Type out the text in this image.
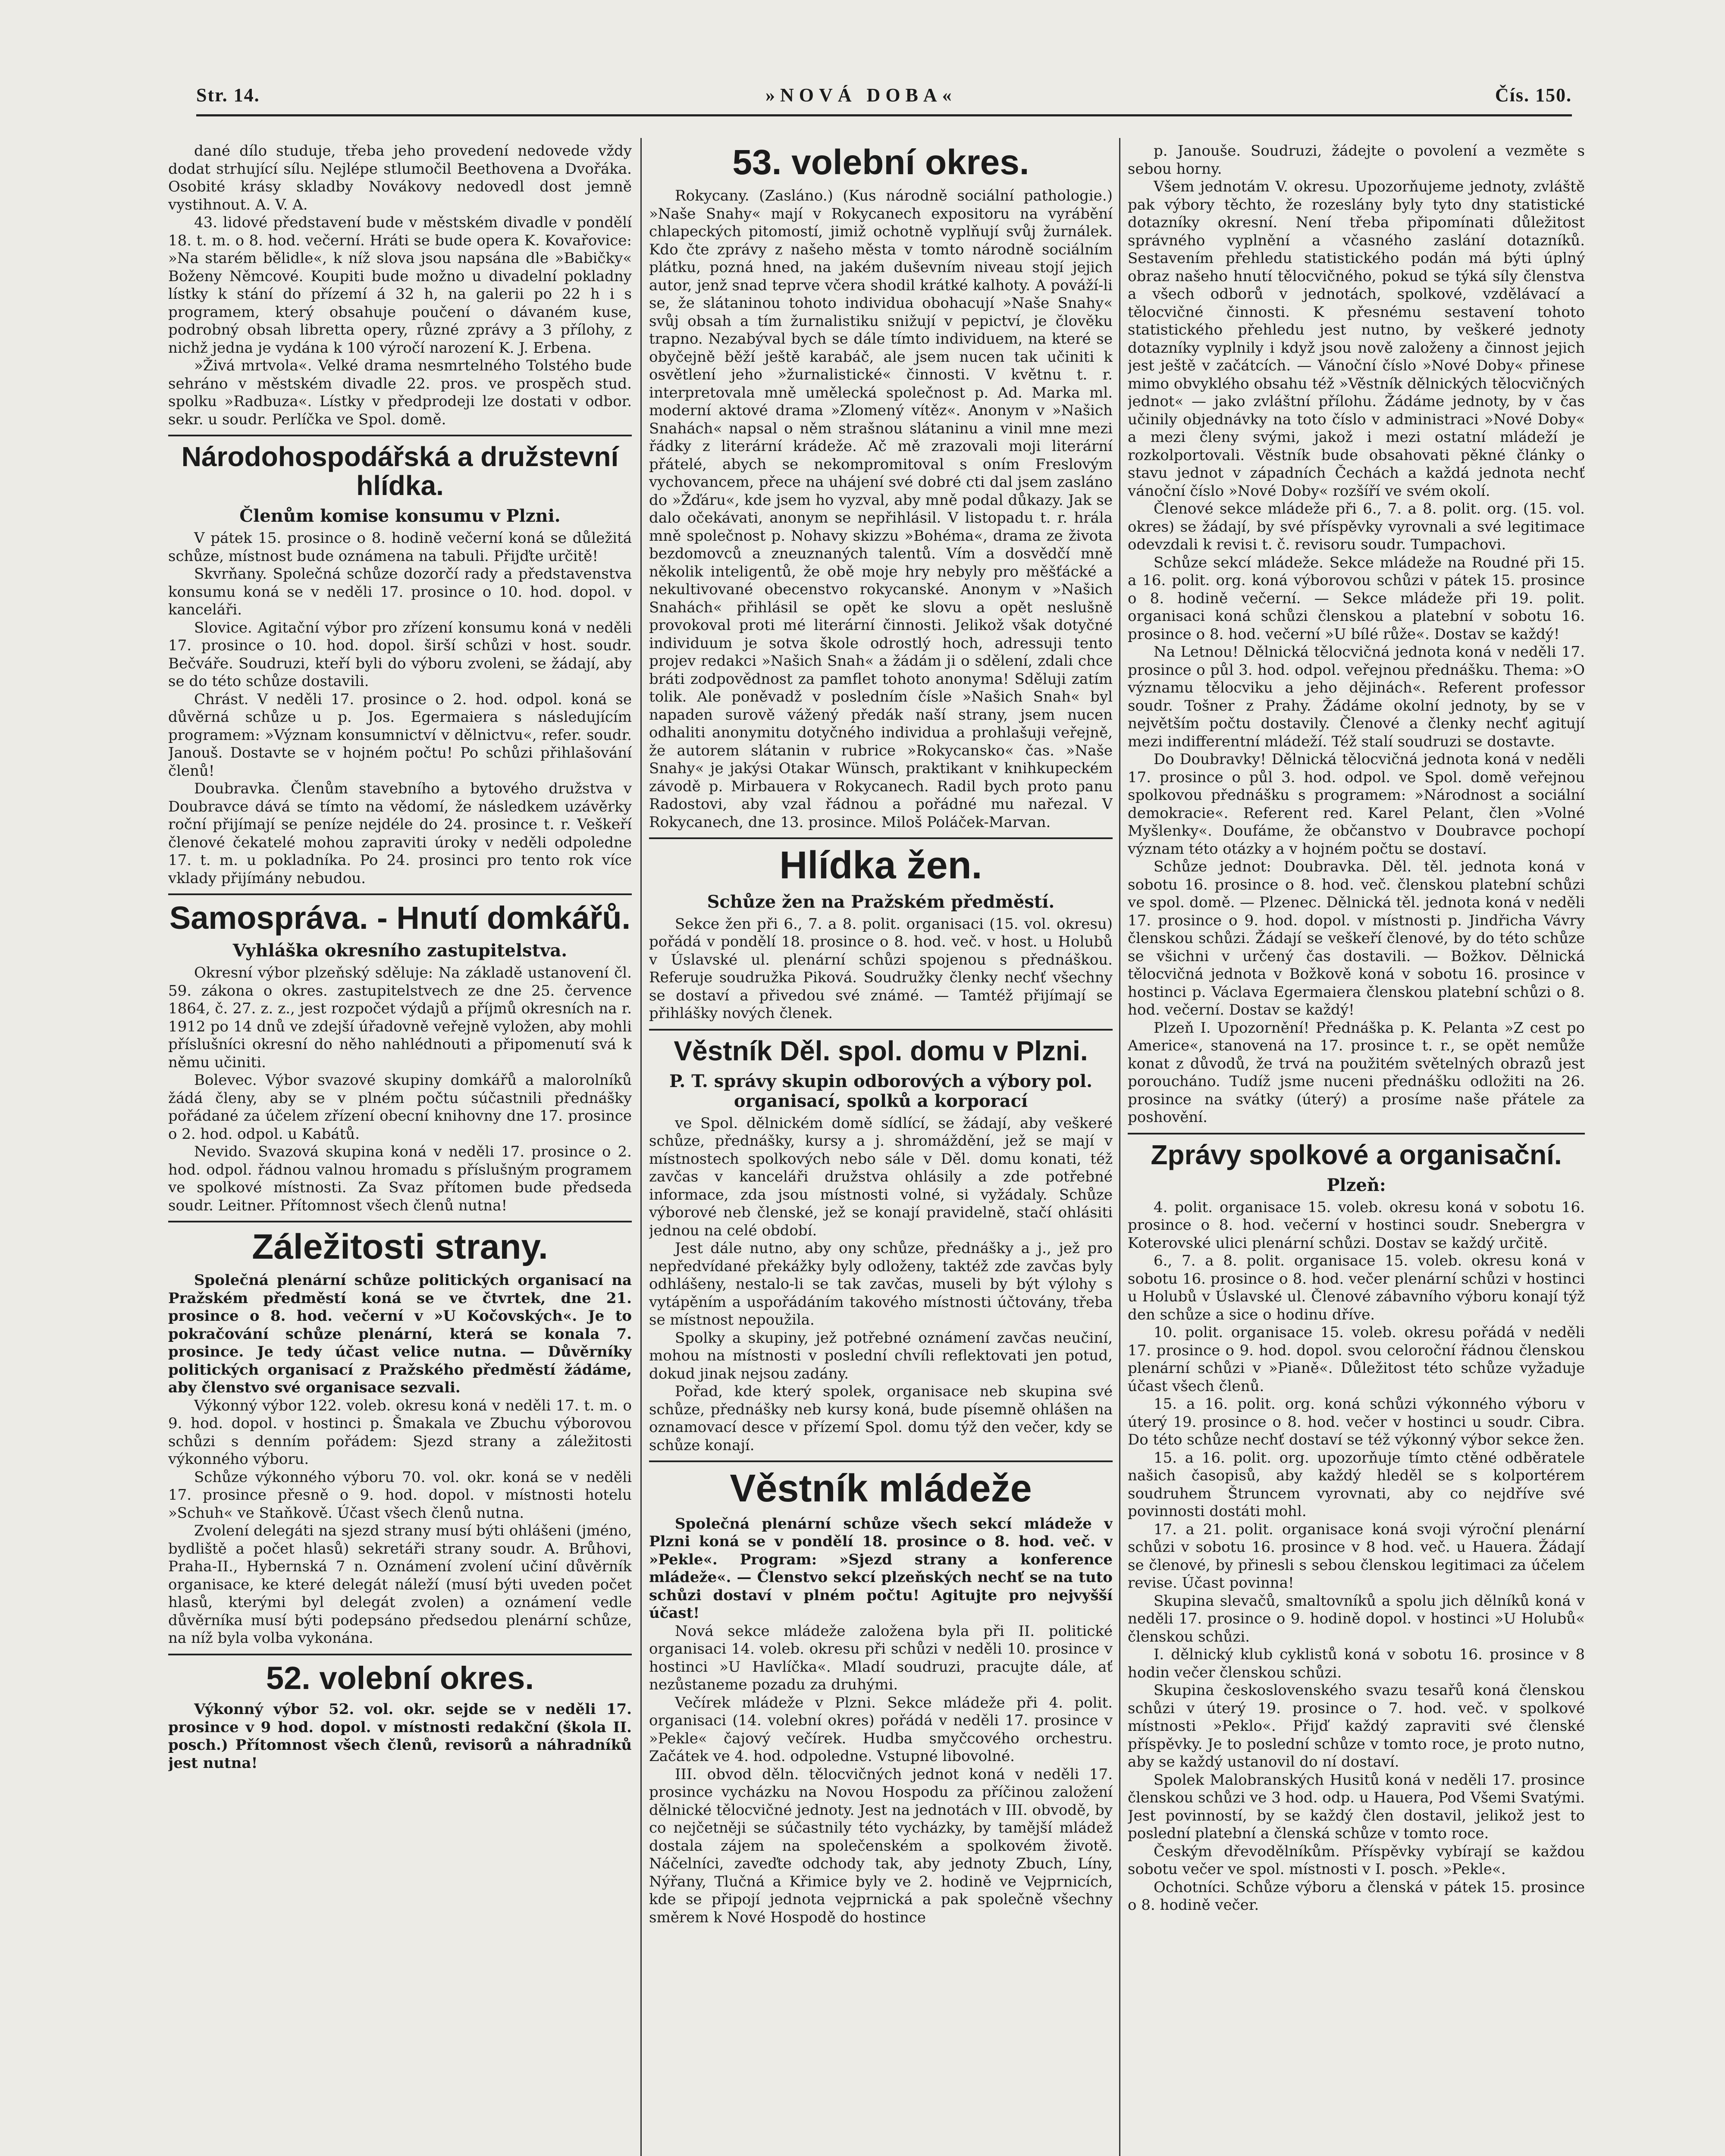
Str. 14.	»NOVÁ DOBA«	Čís. 150.

dané dílo studuje, třeba jeho provedení nedovede vždy dodat strhující sílu. Nejlépe stlumočil Beethovena a Dvořáka. Osobité krásy skladby Novákovy nedovedl dost jemně vystihnout. A. V. A.

43. lidové představení bude v městském divadle v pondělí 18. t. m. o 8. hod. večerní. Hráti se bude opera K. Kovařovice: »Na starém bělidle«, k níž slova jsou napsána dle »Babičky« Boženy Němcové. Koupiti bude možno u divadelní pokladny lístky k stání do přízemí á 32 h, na galerii po 22 h i s programem, který obsahuje poučení o dávaném kuse, podrobný obsah libretta opery, různé zprávy a 3 přílohy, z nichž jedna je vydána k 100 výročí narození K. J. Erbena.

»Živá mrtvola«. Velké drama nesmrtelného Tolstého bude sehráno v městském divadle 22. pros. ve prospěch stud. spolku »Radbuza«. Lístky v předprodeji lze dostati v odbor. sekr. u soudr. Perlíčka ve Spol. domě.

Národohospodářská a družstevní hlídka.

Členům komise konsumu v Plzni.

V pátek 15. prosince o 8. hodině večerní koná se důležitá schůze, místnost bude oznámena na tabuli. Přijďte určitě!

Skvrňany. Společná schůze dozorčí rady a představenstva konsumu koná se v neděli 17. prosince o 10. hod. dopol. v kanceláři.

Slovice. Agitační výbor pro zřízení konsumu koná v neděli 17. prosince o 10. hod. dopol. širší schůzi v host. soudr. Bečváře. Soudruzi, kteří byli do výboru zvoleni, se žádají, aby se do této schůze dostavili.

Chrást. V neděli 17. prosince o 2. hod. odpol. koná se důvěrná schůze u p. Jos. Egermaiera s následujícím programem: »Význam konsumnictví v dělnictvu«, refer. soudr. Janouš. Dostavte se v hojném počtu! Po schůzi přihlašování členů!

Doubravka. Členům stavebního a bytového družstva v Doubravce dává se tímto na vědomí, že následkem uzávěrky roční přijímají se peníze nejdéle do 24. prosince t. r. Veškeří členové čekatelé mohou zapraviti úroky v neděli odpoledne 17. t. m. u pokladníka. Po 24. prosinci pro tento rok více vklady přijímány nebudou.

Samospráva. - Hnutí domkářů.

Vyhláška okresního zastupitelstva.

Okresní výbor plzeňský sděluje: Na základě ustanovení čl. 59. zákona o okres. zastupitelstvech ze dne 25. července 1864, č. 27. z. z., jest rozpočet výdajů a příjmů okresních na r. 1912 po 14 dnů ve zdejší úřadovně veřejně vyložen, aby mohli příslušníci okresní do něho nahlédnouti a připomenutí svá k němu učiniti.

Bolevec. Výbor svazové skupiny domkářů a malorolníků žádá členy, aby se v plném počtu súčastnili přednášky pořádané za účelem zřízení obecní knihovny dne 17. prosince o 2. hod. odpol. u Kabátů.

Nevido. Svazová skupina koná v neděli 17. prosince o 2. hod. odpol. řádnou valnou hromadu s příslušným programem ve spolkové místnosti. Za Svaz přítomen bude předseda soudr. Leitner. Přítomnost všech členů nutna!

Záležitosti strany.

Společná plenární schůze politických organisací na Pražském předměstí koná se ve čtvrtek, dne 21. prosince o 8. hod. večerní v »U Kočovských«. Je to pokračování schůze plenární, která se konala 7. prosince. Je tedy účast velice nutna. — Důvěrníky politických organisací z Pražského předměstí žádáme, aby členstvo své organisace sezvali.

Výkonný výbor 122. voleb. okresu koná v neděli 17. t. m. o 9. hod. dopol. v hostinci p. Šmakala ve Zbuchu výborovou schůzi s denním pořádem: Sjezd strany a záležitosti výkonného výboru.

Schůze výkonného výboru 70. vol. okr. koná se v neděli 17. prosince přesně o 9. hod. dopol. v místnosti hotelu »Schuh« ve Staňkově. Účast všech členů nutna.

Zvolení delegáti na sjezd strany musí býti ohlášeni (jméno, bydliště a počet hlasů) sekretáři strany soudr. A. Brůhovi, Praha-II., Hybernská 7 n. Oznámení zvolení učiní důvěrník organisace, ke které delegát náleží (musí býti uveden počet hlasů, kterými byl delegát zvolen) a oznámení vedle důvěrníka musí býti podepsáno předsedou plenární schůze, na níž byla volba vykonána.

52. volební okres.

Výkonný výbor 52. vol. okr. sejde se v neděli 17. prosince v 9 hod. dopol. v místnosti redakční (škola II. posch.) Přítomnost všech členů, revisorů a náhradníků jest nutna!

53. volební okres.

Rokycany. (Zasláno.) (Kus národně sociální pathologie.) »Naše Snahy« mají v Rokycanech expositoru na vyrábění chlapeckých pitomostí, jimiž ochotně vyplňují svůj žurnálek. Kdo čte zprávy z našeho města v tomto národně sociálním plátku, pozná hned, na jakém duševním niveau stojí jejich autor, jenž snad teprve včera shodil krátké kalhoty. A pováží-li se, že slátaninou tohoto individua obohacují »Naše Snahy« svůj obsah a tím žurnalistiku snižují v pepictví, je člověku trapno. Nezabýval bych se dále tímto individuem, na které se obyčejně běží ještě karabáč, ale jsem nucen tak učiniti k osvětlení jeho »žurnalistické« činnosti. V květnu t. r. interpretovala mně umělecká společnost p. Ad. Marka ml. moderní aktové drama »Zlomený vítěz«. Anonym v »Našich Snahách« napsal o něm strašnou slátaninu a vinil mne mezi řádky z literární krádeže. Ač mě zrazovali moji literární přátelé, abych se nekompromitoval s oním Freslovým vychovancem, přece na uhájení své dobré cti dal jsem zasláno do »Žďáru«, kde jsem ho vyzval, aby mně podal důkazy. Jak se dalo očekávati, anonym se nepřihlásil. V listopadu t. r. hrála mně společnost p. Nohavy skizzu »Bohéma«, drama ze života bezdomovců a zneuznaných talentů. Vím a dosvědčí mně několik inteligentů, že obě moje hry nebyly pro měšťácké a nekultivované obecenstvo rokycanské. Anonym v »Našich Snahách« přihlásil se opět ke slovu a opět neslušně provokoval proti mé literární činnosti. Jelikož však dotyčné individuum je sotva škole odrostlý hoch, adressuji tento projev redakci »Našich Snah« a žádám ji o sdělení, zdali chce bráti zodpovědnost za pamflet tohoto anonyma! Sděluji zatím tolik. Ale poněvadž v posledním čísle »Našich Snah« byl napaden surově vážený předák naší strany, jsem nucen odhaliti anonymitu dotyčného individua a prohlašuji veřejně, že autorem slátanin v rubrice »Rokycansko« čas. »Naše Snahy« je jakýsi Otakar Wünsch, praktikant v knihkupeckém závodě p. Mirbauera v Rokycanech. Radil bych proto panu Radostovi, aby vzal řádnou a pořádné mu nařezal. V Rokycanech, dne 13. prosince. Miloš Poláček-Marvan.

Hlídka žen.

Schůze žen na Pražském předměstí.

Sekce žen při 6., 7. a 8. polit. organisaci (15. vol. okresu) pořádá v pondělí 18. prosince o 8. hod. več. v host. u Holubů v Úslavské ul. plenární schůzi spojenou s přednáškou. Referuje soudružka Piková. Soudružky členky nechť všechny se dostaví a přivedou své známé. — Tamtéž přijímají se přihlášky nových členek.

Věstník Děl. spol. domu v Plzni.

P. T. správy skupin odborových a výbory pol. organisací, spolků a korporací

ve Spol. dělnickém domě sídlící, se žádají, aby veškeré schůze, přednášky, kursy a j. shromáždění, jež se mají v místnostech spolkových nebo sále v Děl. domu konati, též zavčas v kanceláři družstva ohlásily a zde potřebné informace, zda jsou místnosti volné, si vyžádaly. Schůze výborové neb členské, jež se konají pravidelně, stačí ohlásiti jednou na celé období.

Jest dále nutno, aby ony schůze, přednášky a j., jež pro nepředvídané překážky byly odloženy, taktéž zde zavčas byly odhlášeny, nestalo-li se tak zavčas, museli by být výlohy s vytápěním a uspořádáním takového místnosti účtovány, třeba se místnost nepoužila.

Spolky a skupiny, jež potřebné oznámení zavčas neučiní, mohou na místnosti v poslední chvíli reflektovati jen potud, dokud jinak nejsou zadány.

Pořad, kde který spolek, organisace neb skupina své schůze, přednášky neb kursy koná, bude písemně ohlášen na oznamovací desce v přízemí Spol. domu týž den večer, kdy se schůze konají.

Věstník mládeže

Společná plenární schůze všech sekcí mládeže v Plzni koná se v pondělí 18. prosince o 8. hod. več. v »Pekle«. Program: »Sjezd strany a konference mládeže«. — Členstvo sekcí plzeňských nechť se na tuto schůzi dostaví v plném počtu! Agitujte pro nejvyšší účast!

Nová sekce mládeže založena byla při II. politické organisaci 14. voleb. okresu při schůzi v neděli 10. prosince v hostinci »U Havlíčka«. Mladí soudruzi, pracujte dále, ať nezůstaneme pozadu za druhými.

Večírek mládeže v Plzni. Sekce mládeže při 4. polit. organisaci (14. volební okres) pořádá v neděli 17. prosince v »Pekle« čajový večírek. Hudba smyčcového orchestru. Začátek ve 4. hod. odpoledne. Vstupné libovolné.

III. obvod děln. tělocvičných jednot koná v neděli 17. prosince vycházku na Novou Hospodu za příčinou založení dělnické tělocvičné jednoty. Jest na jednotách v III. obvodě, by co nejčetněji se súčastnily této vycházky, by tamější mládež dostala zájem na společenském a spolkovém životě. Náčelníci, zaveďte odchody tak, aby jednoty Zbuch, Líny, Nýřany, Tlučná a Křimice byly ve 2. hodině ve Vejprnicích, kde se připojí jednota vejprnická a pak společně všechny směrem k Nové Hospodě do hostince

p. Janouše. Soudruzi, žádejte o povolení a vezměte s sebou horny.

Všem jednotám V. okresu. Upozorňujeme jednoty, zvláště pak výbory těchto, že rozeslány byly tyto dny statistické dotazníky okresní. Není třeba připomínati důležitost správného vyplnění a včasného zaslání dotazníků. Sestavením přehledu statistického podán má býti úplný obraz našeho hnutí tělocvičného, pokud se týká síly členstva a všech odborů v jednotách, spolkové, vzdělávací a tělocvičné činnosti. K přesnému sestavení tohoto statistického přehledu jest nutno, by veškeré jednoty dotazníky vyplnily i když jsou nově založeny a činnost jejich jest ještě v začátcích. — Vánoční číslo »Nové Doby« přinese mimo obvyklého obsahu též »Věstník dělnických tělocvičných jednot« — jako zvláštní přílohu. Žádáme jednoty, by v čas učinily objednávky na toto číslo v administraci »Nové Doby« a mezi členy svými, jakož i mezi ostatní mládeží je rozkolportovali. Věstník bude obsahovati pěkné články o stavu jednot v západních Čechách a každá jednota nechť vánoční číslo »Nové Doby« rozšíří ve svém okolí.

Členové sekce mládeže při 6., 7. a 8. polit. org. (15. vol. okres) se žádají, by své příspěvky vyrovnali a své legitimace odevzdali k revisi t. č. revisoru soudr. Tumpachovi.

Schůze sekcí mládeže. Sekce mládeže na Roudné při 15. a 16. polit. org. koná výborovou schůzi v pátek 15. prosince o 8. hodině večerní. — Sekce mládeže při 19. polit. organisaci koná schůzi členskou a platební v sobotu 16. prosince o 8. hod. večerní »U bílé růže«. Dostav se každý!

Na Letnou! Dělnická tělocvičná jednota koná v neděli 17. prosince o půl 3. hod. odpol. veřejnou přednášku. Thema: »O významu tělocviku a jeho dějinách«. Referent professor soudr. Tošner z Prahy. Žádáme okolní jednoty, by se v největším počtu dostavily. Členové a členky nechť agitují mezi indifferentní mládeží. Též stalí soudruzi se dostavte.

Do Doubravky! Dělnická tělocvičná jednota koná v neděli 17. prosince o půl 3. hod. odpol. ve Spol. domě veřejnou spolkovou přednášku s programem: »Národnost a sociální demokracie«. Referent red. Karel Pelant, člen »Volné Myšlenky«. Doufáme, že občanstvo v Doubravce pochopí význam této otázky a v hojném počtu se dostaví.

Schůze jednot: Doubravka. Děl. těl. jednota koná v sobotu 16. prosince o 8. hod. več. členskou platební schůzi ve spol. domě. — Plzenec. Dělnická těl. jednota koná v neděli 17. prosince o 9. hod. dopol. v místnosti p. Jindřicha Vávry členskou schůzi. Žádají se veškeří členové, by do této schůze se všichni v určený čas dostavili. — Božkov. Dělnická tělocvičná jednota v Božkově koná v sobotu 16. prosince v hostinci p. Václava Egermaiera členskou platební schůzi o 8. hod. večerní. Dostav se každý!

Plzeň I. Upozornění! Přednáška p. K. Pelanta »Z cest po Americe«, stanovená na 17. prosince t. r., se opět nemůže konat z důvodů, že trvá na použitém světelných obrazů jest poroucháno. Tudíž jsme nuceni přednášku odložiti na 26. prosince na svátky (úterý) a prosíme naše přátele za poshovění.

Zprávy spolkové a organisační.

Plzeň:

4. polit. organisace 15. voleb. okresu koná v sobotu 16. prosince o 8. hod. večerní v hostinci soudr. Snebergra v Koterovské ulici plenární schůzi. Dostav se každý určitě.

6., 7. a 8. polit. organisace 15. voleb. okresu koná v sobotu 16. prosince o 8. hod. večer plenární schůzi v hostinci u Holubů v Úslavské ul. Členové zábavního výboru konají týž den schůze a sice o hodinu dříve.

10. polit. organisace 15. voleb. okresu pořádá v neděli 17. prosince o 9. hod. dopol. svou celoroční řádnou členskou plenární schůzi v »Pianě«. Důležitost této schůze vyžaduje účast všech členů.

15. a 16. polit. org. koná schůzi výkonného výboru v úterý 19. prosince o 8. hod. večer v hostinci u soudr. Cibra. Do této schůze nechť dostaví se též výkonný výbor sekce žen.

15. a 16. polit. org. upozorňuje tímto ctěné odběratele našich časopisů, aby každý hleděl se s kolportérem soudruhem Štruncem vyrovnati, aby co nejdříve své povinnosti dostáti mohl.

17. a 21. polit. organisace koná svoji výroční plenární schůzi v sobotu 16. prosince v 8 hod. več. u Hauera. Žádají se členové, by přinesli s sebou členskou legitimaci za účelem revise. Účast povinna!

Skupina slevačů, smaltovníků a spolu jich dělníků koná v neděli 17. prosince o 9. hodině dopol. v hostinci »U Holubů« členskou schůzi.

I. dělnický klub cyklistů koná v sobotu 16. prosince v 8 hodin večer členskou schůzi.

Skupina československého svazu tesařů koná členskou schůzi v úterý 19. prosince o 7. hod. več. v spolkové místnosti »Peklo«. Přijď každý zapraviti své členské příspěvky. Je to poslední schůze v tomto roce, je proto nutno, aby se každý ustanovil do ní dostaví.

Spolek Malobranských Husitů koná v neděli 17. prosince členskou schůzi ve 3 hod. odp. u Hauera, Pod Všemi Svatými. Jest povinností, by se každý člen dostavil, jelikož jest to poslední platební a členská schůze v tomto roce.

Českým dřevodělníkům. Příspěvky vybírají se každou sobotu večer ve spol. místnosti v I. posch. »Pekle«.

Ochotníci. Schůze výboru a členská v pátek 15. prosince o 8. hodině večer.
